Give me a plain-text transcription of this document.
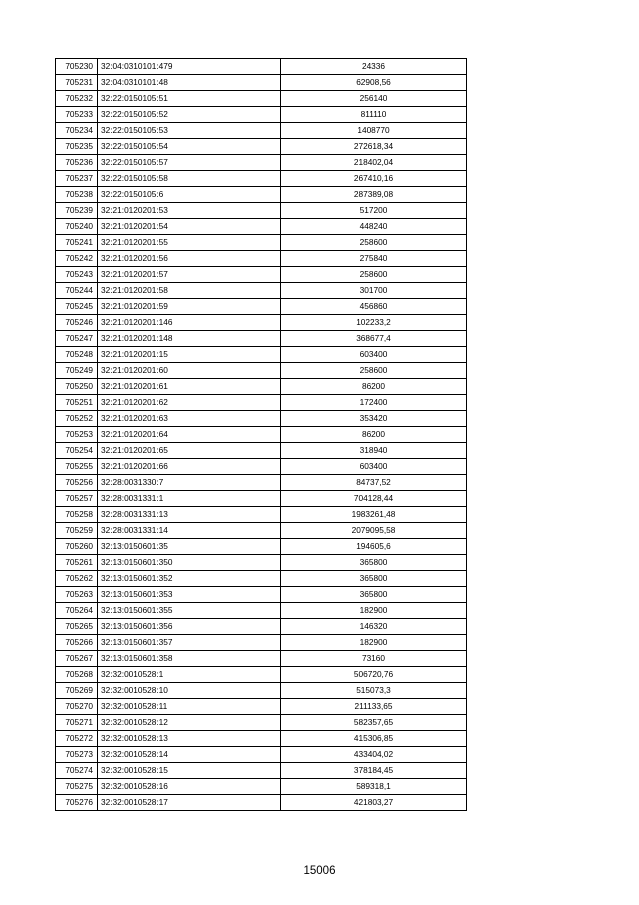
705230	32:04:0310101:479	24336
705231	32:04:0310101:48	62908,56
705232	32:22:0150105:51	256140
705233	32:22:0150105:52	811110
705234	32:22:0150105:53	1408770
705235	32:22:0150105:54	272618,34
705236	32:22:0150105:57	218402,04
705237	32:22:0150105:58	267410,16
705238	32:22:0150105:6	287389,08
705239	32:21:0120201:53	517200
705240	32:21:0120201:54	448240
705241	32:21:0120201:55	258600
705242	32:21:0120201:56	275840
705243	32:21:0120201:57	258600
705244	32:21:0120201:58	301700
705245	32:21:0120201:59	456860
705246	32:21:0120201:146	102233,2
705247	32:21:0120201:148	368677,4
705248	32:21:0120201:15	603400
705249	32:21:0120201:60	258600
705250	32:21:0120201:61	86200
705251	32:21:0120201:62	172400
705252	32:21:0120201:63	353420
705253	32:21:0120201:64	86200
705254	32:21:0120201:65	318940
705255	32:21:0120201:66	603400
705256	32:28:0031330:7	84737,52
705257	32:28:0031331:1	704128,44
705258	32:28:0031331:13	1983261,48
705259	32:28:0031331:14	2079095,58
705260	32:13:0150601:35	194605,6
705261	32:13:0150601:350	365800
705262	32:13:0150601:352	365800
705263	32:13:0150601:353	365800
705264	32:13:0150601:355	182900
705265	32:13:0150601:356	146320
705266	32:13:0150601:357	182900
705267	32:13:0150601:358	73160
705268	32:32:0010528:1	506720,76
705269	32:32:0010528:10	515073,3
705270	32:32:0010528:11	211133,65
705271	32:32:0010528:12	582357,65
705272	32:32:0010528:13	415306,85
705273	32:32:0010528:14	433404,02
705274	32:32:0010528:15	378184,45
705275	32:32:0010528:16	589318,1
705276	32:32:0010528:17	421803,27
15006
